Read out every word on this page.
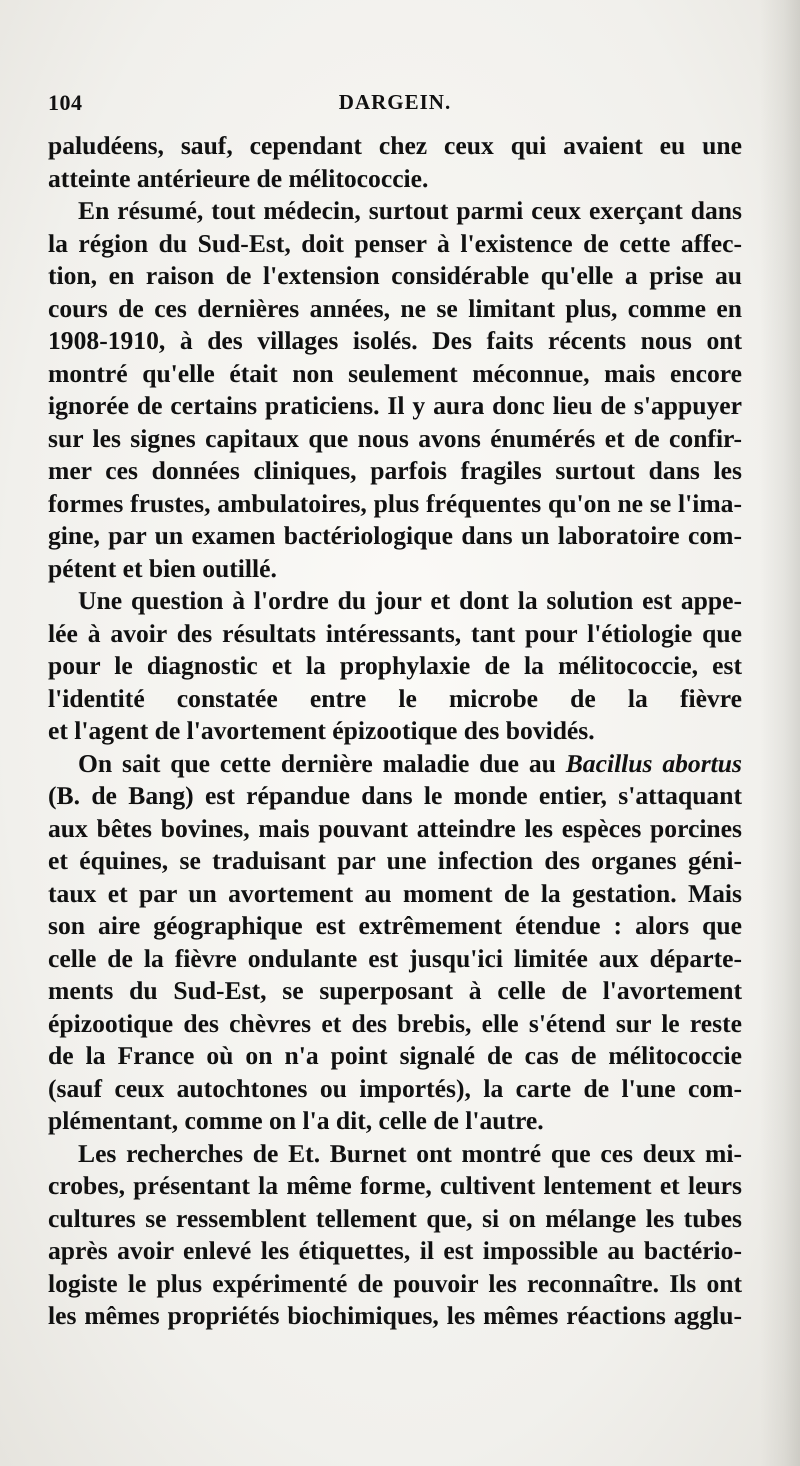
104	DARGEIN.
paludéens, sauf, cependant chez ceux qui avaient eu une
atteinte antérieure de mélitococcie.
En résumé, tout médecin, surtout parmi ceux exerçant dans
la région du Sud-Est, doit penser à l'existence de cette affec-
tion, en raison de l'extension considérable qu'elle a prise au
cours de ces dernières années, ne se limitant plus, comme en
1908-1910, à des villages isolés. Des faits récents nous ont
montré qu'elle était non seulement méconnue, mais encore
ignorée de certains praticiens. Il y aura donc lieu de s'appuyer
sur les signes capitaux que nous avons énumérés et de confir-
mer ces données cliniques, parfois fragiles surtout dans les
formes frustes, ambulatoires, plus fréquentes qu'on ne se l'ima-
gine, par un examen bactériologique dans un laboratoire com-
pétent et bien outillé.
Une question à l'ordre du jour et dont la solution est appe-
lée à avoir des résultats intéressants, tant pour l'étiologie que
pour le diagnostic et la prophylaxie de la mélitococcie, est
l'identité constatée entre le microbe de la fièvre
et l'agent de l'avortement épizootique des bovidés.
On sait que cette dernière maladie due au Bacillus abortus
(B. de Bang) est répandue dans le monde entier, s'attaquant
aux bêtes bovines, mais pouvant atteindre les espèces porcines
et équines, se traduisant par une infection des organes géni-
taux et par un avortement au moment de la gestation. Mais
son aire géographique est extrêmement étendue : alors que
celle de la fièvre ondulante est jusqu'ici limitée aux départe-
ments du Sud-Est, se superposant à celle de l'avortement
épizootique des chèvres et des brebis, elle s'étend sur le reste
de la France où on n'a point signalé de cas de mélitococcie
(sauf ceux autochtones ou importés), la carte de l'une com-
plémentant, comme on l'a dit, celle de l'autre.
Les recherches de Et. Burnet ont montré que ces deux mi-
crobes, présentant la même forme, cultivent lentement et leurs
cultures se ressemblent tellement que, si on mélange les tubes
après avoir enlevé les étiquettes, il est impossible au bactério-
logiste le plus expérimenté de pouvoir les reconnaître. Ils ont
les mêmes propriétés biochimiques, les mêmes réactions agglu-
